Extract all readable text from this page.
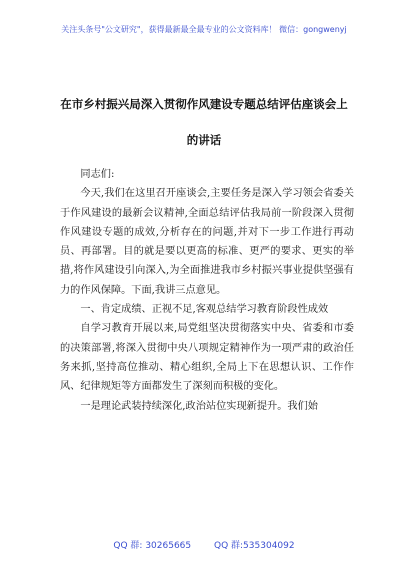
关注头条号"公文研究"，获得最新最全最专业的公文资料库！ 微信：gongwenyj
在市乡村振兴局深入贯彻作风建设专题总结评估座谈会上
的讲话

同志们:

今天,我们在这里召开座谈会,主要任务是深入学习领会省委关于作风建设的最新会议精神,全面总结评估我局前一阶段深入贯彻作风建设专题的成效,分析存在的问题,并对下一步工作进行再动员、再部署。目的就是要以更高的标准、更严的要求、更实的举措,将作风建设引向深入,为全面推进我市乡村振兴事业提供坚强有力的作风保障。下面,我讲三点意见。

一、肯定成绩、正视不足,客观总结学习教育阶段性成效

自学习教育开展以来,局党组坚决贯彻落实中央、省委和市委的决策部署,将深入贯彻中央八项规定精神作为一项严肃的政治任务来抓,坚持高位推动、精心组织,全局上下在思想认识、工作作风、纪律规矩等方面都发生了深刻而积极的变化。

一是理论武装持续深化,政治站位实现新提升。我们始

QQ 群: 30265665	QQ 群:535304092
